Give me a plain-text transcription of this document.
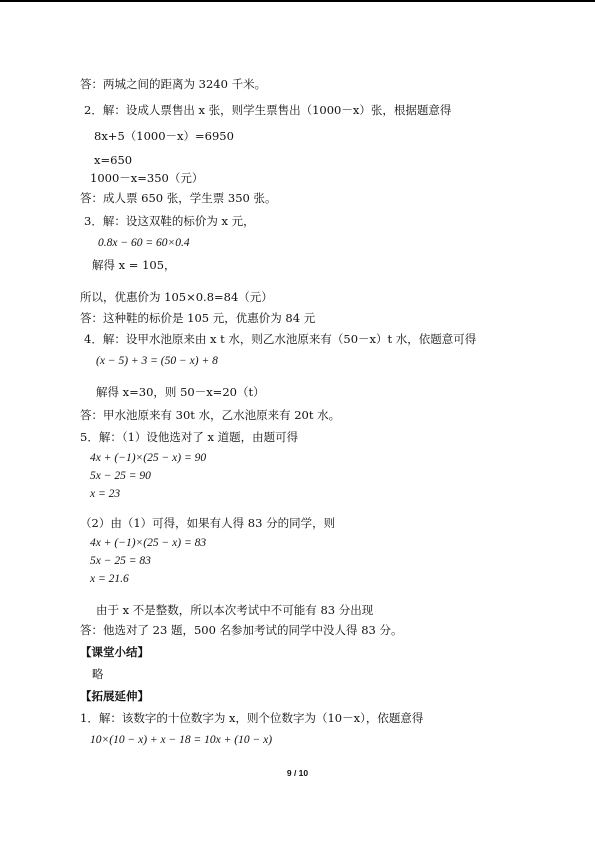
答：两城之间的距离为 3240 千米。
2．解：设成人票售出 x 张，则学生票售出（1000－x）张，根据题意得
8x+5（1000－x）=6950
x=650
1000－x=350（元）
答：成人票 650 张，学生票 350 张。
3．解：设这双鞋的标价为 x 元，
0.8x − 60 = 60×0.4
解得 x = 105，
所以，优惠价为 105×0.8=84（元）
答：这种鞋的标价是 105 元，优惠价为 84 元
4．解：设甲水池原来由 x t 水，则乙水池原来有（50－x）t 水，依题意可得
(x − 5) + 3 = (50 − x) + 8
解得 x=30，则 50－x=20（t）
答：甲水池原来有 30t 水，乙水池原来有 20t 水。
5．解：（1）设他选对了 x 道题，由题可得
4x + (−1)×(25 − x) = 90
5x − 25 = 90
x = 23
（2）由（1）可得，如果有人得 83 分的同学，则
4x + (−1)×(25 − x) = 83
5x − 25 = 83
x = 21.6
由于 x 不是整数，所以本次考试中不可能有 83 分出现
答：他选对了 23 题，500 名参加考试的同学中没人得 83 分。
【课堂小结】
略
【拓展延伸】
1．解：该数字的十位数字为 x，则个位数字为（10－x），依题意得
10×(10 − x) + x − 18 = 10x + (10 − x)
9 / 10
